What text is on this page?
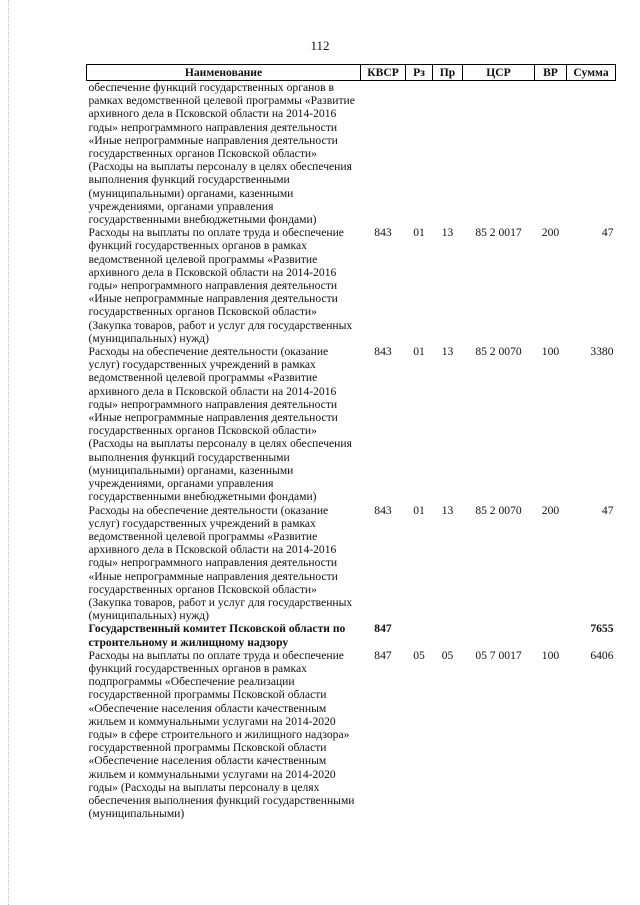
112
Наименование	КВСР	Рз	Пр	ЦСР	ВР	Сумма
обеспечение функций государственных органов в рамках ведомственной целевой программы «Развитие архивного дела в Псковской области на 2014-2016 годы» непрограммного направления деятельности «Иные непрограммные направления деятельности государственных органов Псковской области» (Расходы на выплаты персоналу в целях обеспечения выполнения функций государственными (муниципальными) органами, казенными учреждениями, органами управления государственными внебюджетными фондами)						
Расходы на выплаты по оплате труда и обеспечение функций государственных органов в рамках ведомственной целевой программы «Развитие архивного дела в Псковской области на 2014-2016 годы» непрограммного направления деятельности «Иные непрограммные направления деятельности государственных органов Псковской области» (Закупка товаров, работ и услуг для государственных (муниципальных) нужд)	843	01	13	85 2 0017	200	47
Расходы на обеспечение деятельности (оказание услуг) государственных учреждений в рамках ведомственной целевой программы «Развитие архивного дела в Псковской области на 2014-2016 годы» непрограммного направления деятельности «Иные непрограммные направления деятельности государственных органов Псковской области» (Расходы на выплаты персоналу в целях обеспечения выполнения функций государственными (муниципальными) органами, казенными учреждениями, органами управления государственными внебюджетными фондами)	843	01	13	85 2 0070	100	3380
Расходы на обеспечение деятельности (оказание услуг) государственных учреждений в рамках ведомственной целевой программы «Развитие архивного дела в Псковской области на 2014-2016 годы» непрограммного направления деятельности «Иные непрограммные направления деятельности государственных органов Псковской области» (Закупка товаров, работ и услуг для государственных (муниципальных) нужд)	843	01	13	85 2 0070	200	47
Государственный комитет Псковской области по строительному и жилищному надзору	847					7655
Расходы на выплаты по оплате труда и обеспечение функций государственных органов в рамках подпрограммы «Обеспечение реализации государственной программы Псковской области «Обеспечение населения области качественным жильем и коммунальными услугами на 2014-2020 годы» в сфере строительного и жилищного надзора» государственной программы Псковской области «Обеспечение населения области качественным жильем и коммунальными услугами на 2014-2020 годы» (Расходы на выплаты персоналу в целях обеспечения выполнения функций государственными (муниципальными)	847	05	05	05 7 0017	100	6406
